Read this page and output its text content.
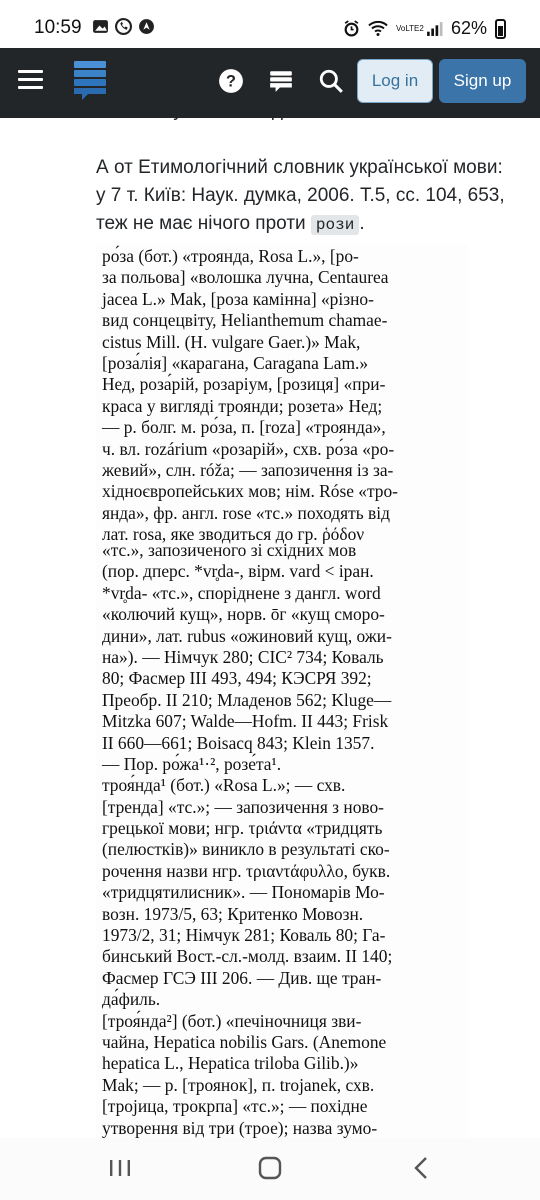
10:59	VoLTE2 62%
А от Етимологічний словник української мови: у 7 т. Київ: Наук. думка, 2006. Т.5, сс. 104, 653, теж не має нічого проти рози .
ро́за (бот.) «троянда, Rosa L.», [ро-
за польова] «волошка лучна, Centaurea
jacea L.» Mak, [роза камінна] «різно-
вид сонцецвіту, Helianthemum chamae-
cistus Mill. (H. vulgare Gaer.)» Mak,
[роза́лія] «карагана, Caragana Lam.»
Нед, роза́рій, розаріум, [розиця] «при-
краса у вигляді троянди; розета» Нед;
— р. болг. м. ро́за, п. [roza] «троянда»,
ч. вл. rozárium «розарій», схв. ро́за «ро-
жевий», слн. róža; — запозичення із за-
хідноєвропейських мов; нім. Róse «тро-
янда», фр. англ. rose «тс.» походять від
лат. rosa, яке зводиться до гр. ῥόδον
«тс.», запозиченого зі східних мов
(пор. дперс. *vr̥da-, вірм. vard < іран.
*vr̥da- «тс.», споріднене з дангл. word
«колючий кущ», норв. ōг «кущ сморо-
дини», лат. rubus «ожиновий кущ, ожи-
на»). — Німчук 280; СІС² 734; Коваль
80; Фасмер III 493, 494; КЭСРЯ 392;
Преобр. II 210; Младенов 562; Kluge—
Mitzka 607; Walde—Hofm. II 443; Frisk
II 660—661; Boisacq 843; Klein 1357.
— Пор. ро́жа¹·², розе́та¹.
троя́нда¹ (бот.) «Rosa L.»; — схв.
[тренда] «тс.»; — запозичення з ново-
грецької мови; нгр. τριάντα «тридцять
(пелюстків)» виникло в результаті ско-
рочення назви нгр. τριαντάφυλλο, букв.
«тридцятилисник». — Пономарів Мо-
возн. 1973/5, 63; Критенко Мовозн.
1973/2, 31; Німчук 281; Коваль 80; Га-
бинський Вост.-сл.-молд. взаим. II 140;
Фасмер ГСЭ III 206. — Див. ще тран-
да́филь.
[троя́нда²] (бот.) «печіночниця зви-
чайна, Hepatica nobilis Gars. (Anemone
hepatica L., Hepatica triloba Gilib.)»
Mak; — р. [троянок], п. trojanek, схв.
[тројица, трокрпа] «тс.»; — похідне
утворення від три (трое); назва зумо-
?	Log in	Sign up
